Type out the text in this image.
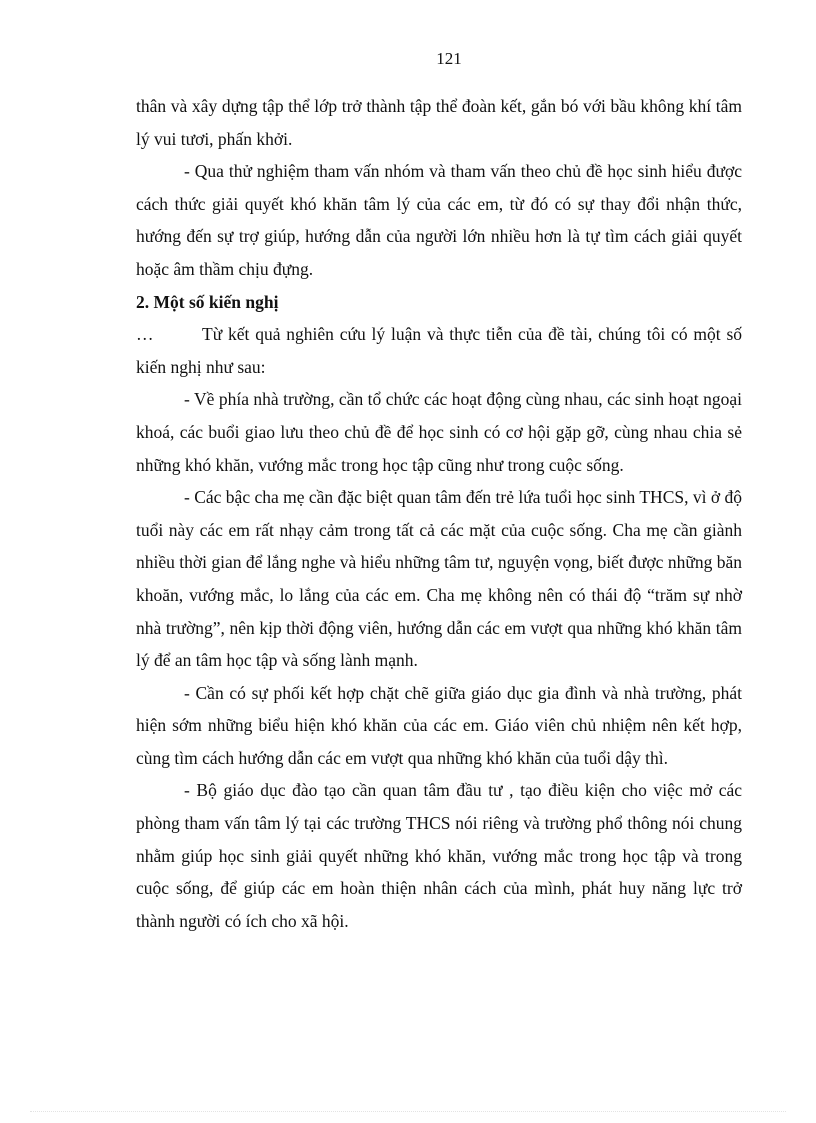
121

thân và xây dựng tập thể lớp trở thành tập thể đoàn kết, gắn bó với bầu không khí tâm lý vui tươi, phấn khởi.

- Qua thử nghiệm tham vấn nhóm và tham vấn theo chủ đề học sinh hiểu được cách thức giải quyết khó khăn tâm lý của các em, từ đó có sự thay đổi nhận thức, hướng đến sự trợ giúp, hướng dẫn của người lớn nhiều hơn là tự tìm cách giải quyết hoặc âm thầm chịu đựng.

2. Một số kiến nghị

…	Từ kết quả nghiên cứu lý luận và thực tiễn của đề tài, chúng tôi có một số kiến nghị như sau:

- Về phía nhà trường, cần tổ chức các hoạt động cùng nhau, các sinh hoạt ngoại khoá, các buổi giao lưu theo chủ đề để học sinh có cơ hội gặp gỡ, cùng nhau chia sẻ những khó khăn, vướng mắc trong học tập cũng như trong cuộc sống.

- Các bậc cha mẹ cần đặc biệt quan tâm đến trẻ lứa tuổi học sinh THCS, vì ở độ tuổi này các em rất nhạy cảm trong tất cả các mặt của cuộc sống. Cha mẹ cần giành nhiều thời gian để lắng nghe và hiểu những tâm tư, nguyện vọng, biết được những băn khoăn, vướng mắc, lo lắng của các em. Cha mẹ không nên có thái độ “trăm sự nhờ nhà trường”, nên kịp thời động viên, hướng dẫn các em vượt qua những khó khăn tâm lý để an tâm học tập và sống lành mạnh.

- Cần có sự phối kết hợp chặt chẽ giữa giáo dục gia đình và nhà trường, phát hiện sớm những biểu hiện khó khăn của các em. Giáo viên chủ nhiệm nên kết hợp, cùng tìm cách hướng dẫn các em vượt qua những khó khăn của tuổi dậy thì.

- Bộ giáo dục đào tạo cần quan tâm đầu tư , tạo điều kiện cho việc mở các phòng tham vấn tâm lý tại các trường THCS nói riêng và trường phổ thông nói chung nhằm giúp học sinh giải quyết những khó khăn, vướng mắc trong học tập và trong cuộc sống, để giúp các em hoàn thiện nhân cách của mình, phát huy năng lực trở thành người có ích cho xã hội.
